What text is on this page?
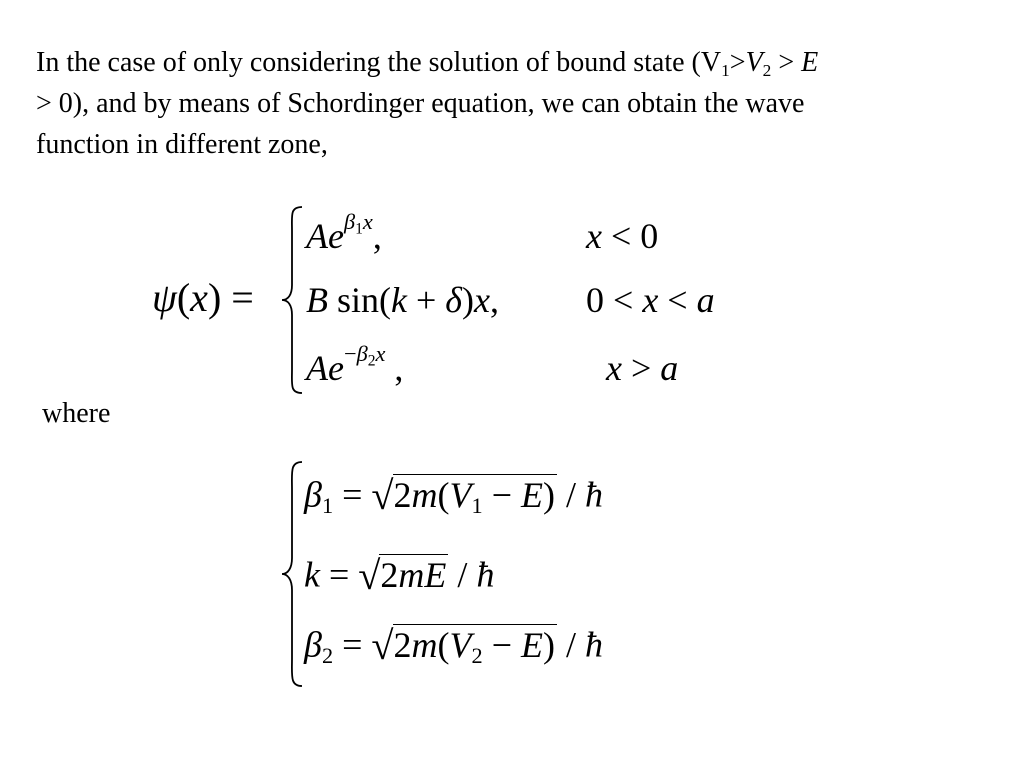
In the case of only considering the solution of bound state ($V_1>V_2 > E$
> 0), and by means of Schordinger equation, we can obtain the wave
function in different zone,
ψ(x) =
$Ae^{\beta_1x}$,	x < 0
B sin(k + δ)x, 0 < x < a
$Ae^{-\beta_2x}$ ,	x > a
where
$\beta_1 = √2m(V_1 - E)$ / ħ
k = √2mE / ħ
$\beta_2 = √2m(V_2 - E)$ / ħ
